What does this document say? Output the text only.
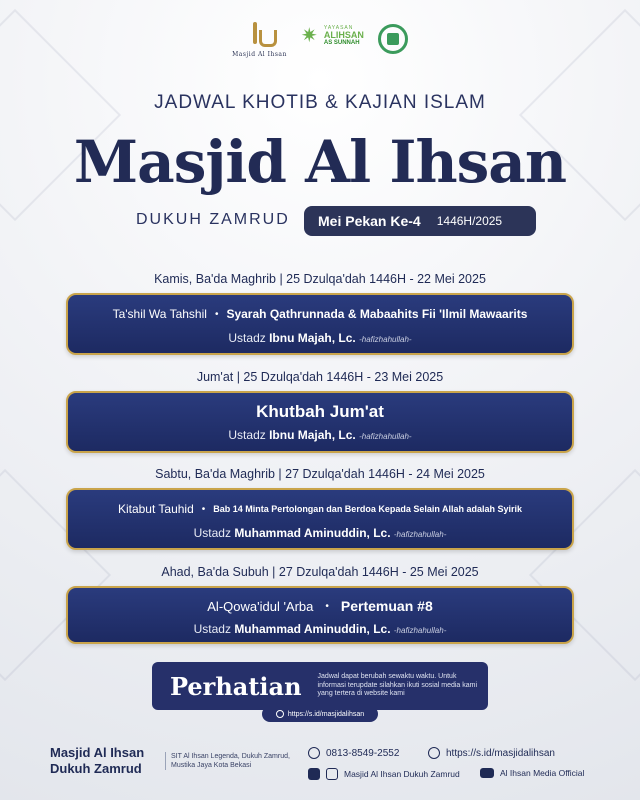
Masjid Al Ihsan
✷	YAYASAN
ALIHSAN
AS SUNNAH
JADWAL KHOTIB & KAJIAN ISLAM
Masjid Al Ihsan
DUKUH ZAMRUD Mei Pekan Ke-4 1446H/2025
Kamis, Ba'da Maghrib | 25 Dzulqa'dah 1446H - 22 Mei 2025
Ta'shil Wa Tahshil • Syarah Qathrunnada & Mabaahits Fii 'Ilmil Mawaarits
Ustadz Ibnu Majah, Lc. -hafizhahullah-
Jum'at | 25 Dzulqa'dah 1446H - 23 Mei 2025
Khutbah Jum'at
Ustadz Ibnu Majah, Lc. -hafizhahullah-
Sabtu, Ba'da Maghrib | 27 Dzulqa'dah 1446H - 24 Mei 2025
Kitabut Tauhid • Bab 14 Minta Pertolongan dan Berdoa Kepada Selain Allah adalah Syirik
Ustadz Muhammad Aminuddin, Lc. -hafizhahullah-
Ahad, Ba'da Subuh | 27 Dzulqa'dah 1446H - 25 Mei 2025
Al-Qowa'idul 'Arba • Pertemuan #8
Ustadz Muhammad Aminuddin, Lc. -hafizhahullah-
Perhatian Jadwal dapat berubah sewaktu waktu. Untuk informasi terupdate silahkan ikuti sosial media kami yang tertera di website kami
https://s.id/masjidalihsan
Masjid Al Ihsan
Dukuh Zamrud
SIT Al Ihsan Legenda, Dukuh Zamrud, Mustika Jaya Kota Bekasi
0813-8549-2552	https://s.id/masjidalihsan
Masjid Al Ihsan Dukuh Zamrud	Al Ihsan Media Official
